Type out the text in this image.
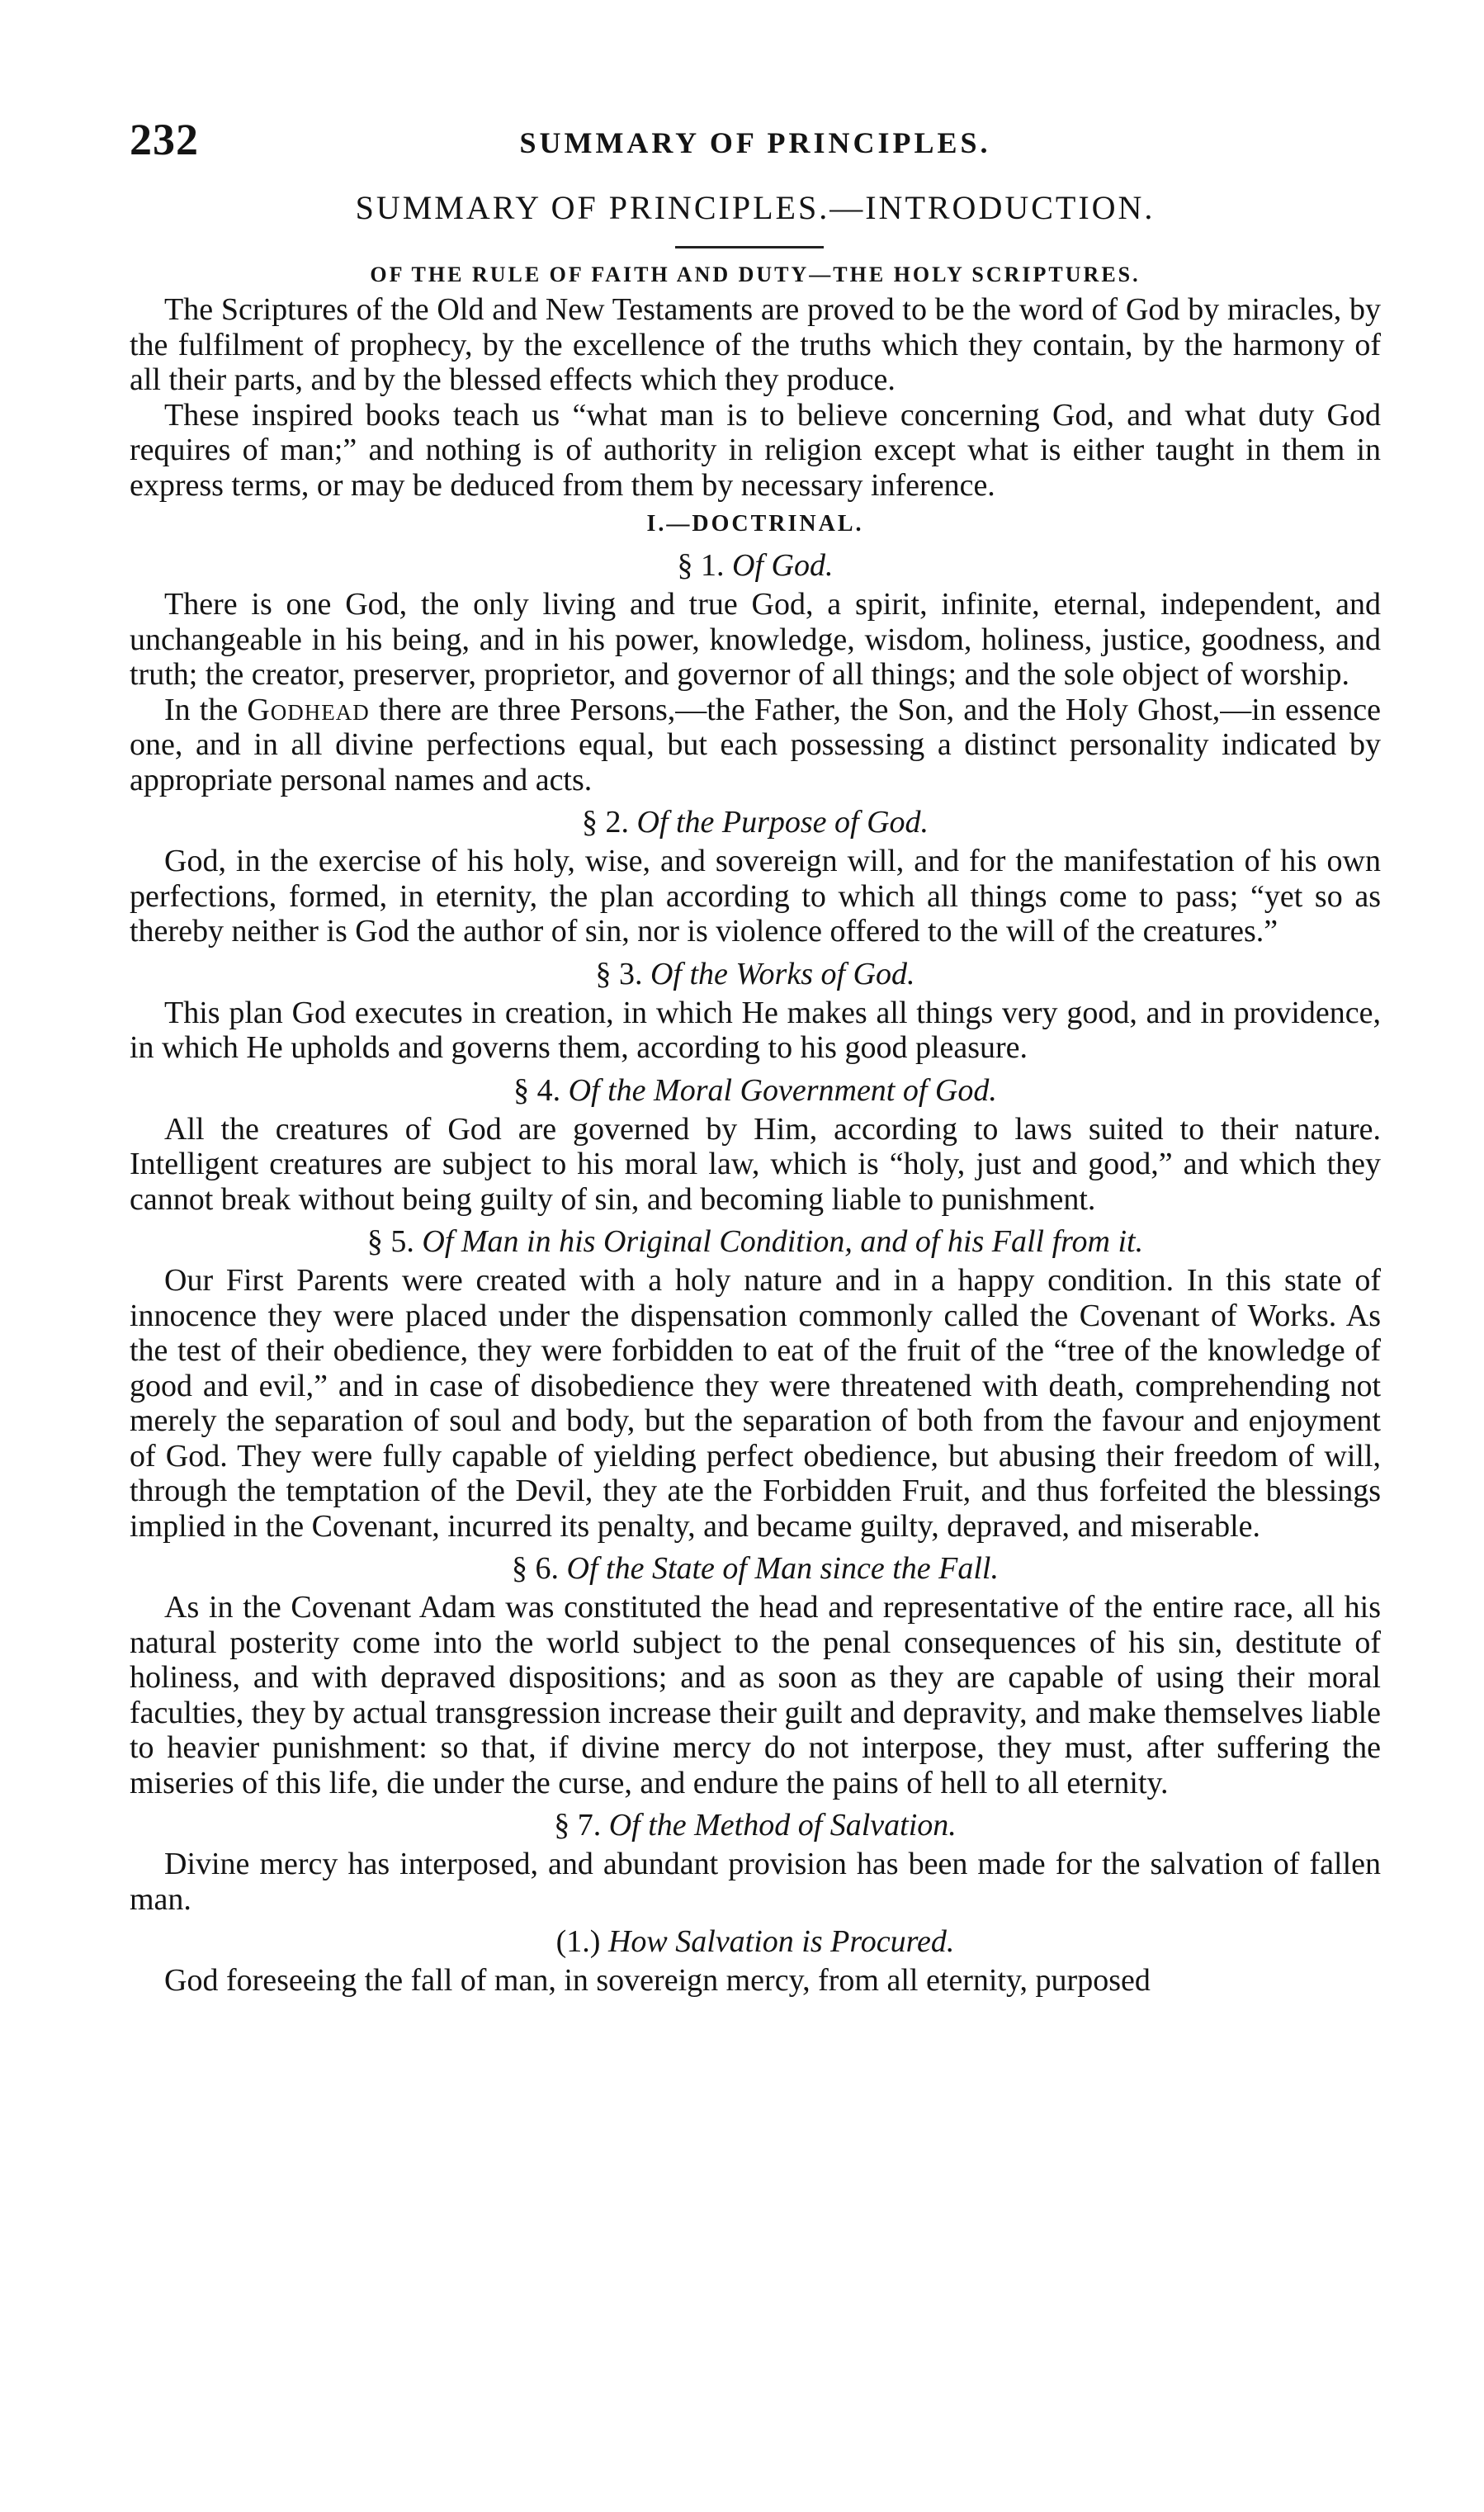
232	SUMMARY OF PRINCIPLES.
SUMMARY OF PRINCIPLES.—INTRODUCTION.
OF THE RULE OF FAITH AND DUTY—THE HOLY SCRIPTURES.

The Scriptures of the Old and New Testaments are proved to be the word of God by miracles, by the fulfilment of prophecy, by the excellence of the truths which they contain, by the harmony of all their parts, and by the blessed effects which they produce.

These inspired books teach us “what man is to believe concerning God, and what duty God requires of man;” and nothing is of authority in religion except what is either taught in them in express terms, or may be deduced from them by necessary inference.

I.—DOCTRINAL.
§ 1. Of God.

There is one God, the only living and true God, a spirit, infinite, eternal, independent, and unchangeable in his being, and in his power, knowledge, wisdom, holiness, justice, goodness, and truth; the creator, preserver, proprietor, and governor of all things; and the sole object of worship.

In the Godhead there are three Persons,—the Father, the Son, and the Holy Ghost,—in essence one, and in all divine perfections equal, but each possessing a distinct personality indicated by appropriate personal names and acts.

§ 2. Of the Purpose of God.

God, in the exercise of his holy, wise, and sovereign will, and for the manifestation of his own perfections, formed, in eternity, the plan according to which all things come to pass; “yet so as thereby neither is God the author of sin, nor is violence offered to the will of the creatures.”

§ 3. Of the Works of God.

This plan God executes in creation, in which He makes all things very good, and in providence, in which He upholds and governs them, according to his good pleasure.

§ 4. Of the Moral Government of God.

All the creatures of God are governed by Him, according to laws suited to their nature. Intelligent creatures are subject to his moral law, which is “holy, just and good,” and which they cannot break without being guilty of sin, and becoming liable to punishment.

§ 5. Of Man in his Original Condition, and of his Fall from it.

Our First Parents were created with a holy nature and in a happy condition. In this state of innocence they were placed under the dispensation commonly called the Covenant of Works. As the test of their obedience, they were forbidden to eat of the fruit of the “tree of the knowledge of good and evil,” and in case of disobedience they were threatened with death, comprehending not merely the separation of soul and body, but the separation of both from the favour and enjoyment of God. They were fully capable of yielding perfect obedience, but abusing their freedom of will, through the temptation of the Devil, they ate the Forbidden Fruit, and thus forfeited the blessings implied in the Covenant, incurred its penalty, and became guilty, depraved, and miserable.

§ 6. Of the State of Man since the Fall.

As in the Covenant Adam was constituted the head and representative of the entire race, all his natural posterity come into the world subject to the penal consequences of his sin, destitute of holiness, and with depraved dispositions; and as soon as they are capable of using their moral faculties, they by actual transgression increase their guilt and depravity, and make themselves liable to heavier punishment: so that, if divine mercy do not interpose, they must, after suffering the miseries of this life, die under the curse, and endure the pains of hell to all eternity.

§ 7. Of the Method of Salvation.

Divine mercy has interposed, and abundant provision has been made for the salvation of fallen man.

(1.) How Salvation is Procured.

God foreseeing the fall of man, in sovereign mercy, from all eternity, purposed
